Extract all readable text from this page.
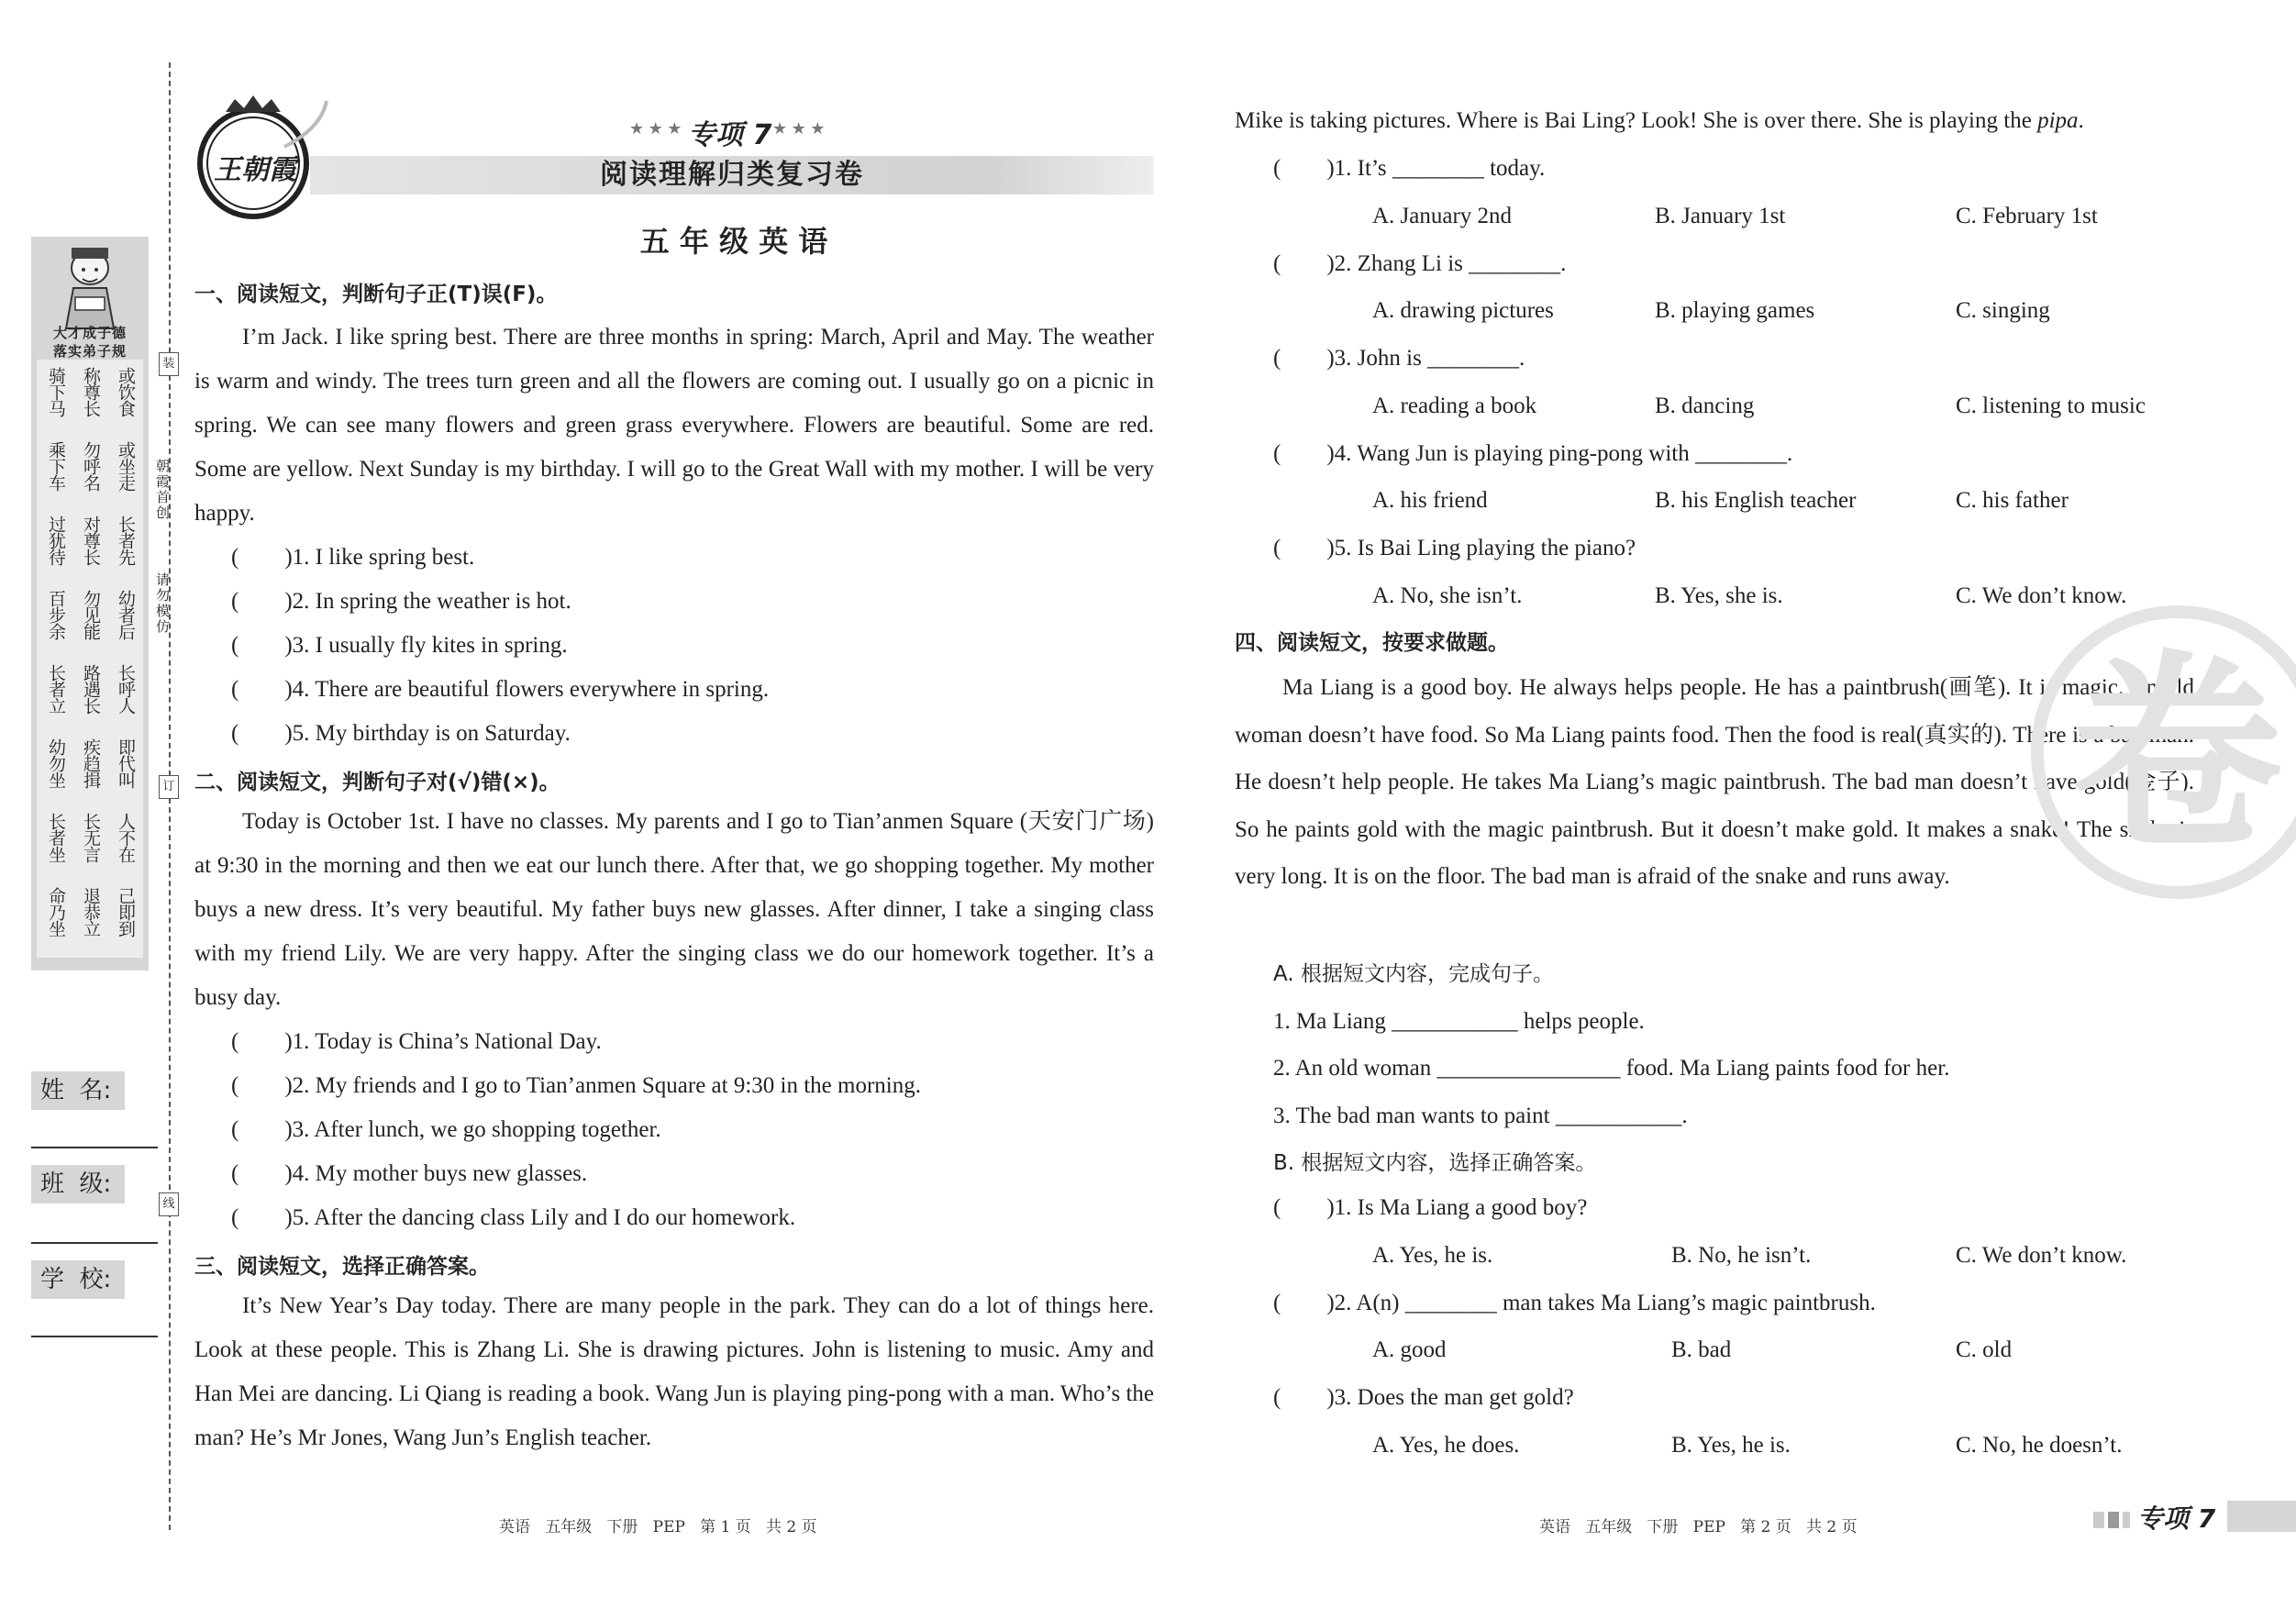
大才成子德
落实弟子规
骑下马 称尊长 或饮食
乘下车 勿呼名 或坐走
过犹待 对尊长 长者先
百步余 勿见能 幼者后
长者立 路遇长 长呼人
幼勿坐 疾趋揖 即代叫
长者坐 长无言 人不在
命乃坐 退恭立 己即到
朝霞首创
请勿模仿
装
订
线
姓  名:
班  级:
学  校:
王朝霞
★ ★ ★ 专项 7 ★ ★ ★
阅读理解归类复习卷
五 年 级 英 语
一、阅读短文，判断句子正(T)误(F)。
I’m Jack. I like spring best. There are three months in spring: March, April and May. The weather is warm and windy. The trees turn green and all the flowers are coming out. I usually go on a picnic in spring. We can see many flowers and green grass everywhere. Flowers are beautiful. Some are red. Some are yellow. Next Sunday is my birthday. I will go to the Great Wall with my mother. I will be very happy.
二、阅读短文，判断句子对(√)错(×)。
Today is October 1st. I have no classes. My parents and I go to Tian’anmen Square (天安门广场) at 9:30 in the morning and then we eat our lunch there. After that, we go shopping together. My mother buys a new dress. It’s very beautiful. My father buys new glasses. After dinner, I take a singing class with my friend Lily. We are very happy. After the singing class we do our homework together. It’s a busy day.
三、阅读短文，选择正确答案。
It’s New Year’s Day today. There are many people in the park. They can do a lot of things here. Look at these people. This is Zhang Li. She is drawing pictures. John is listening to music. Amy and Han Mei are dancing. Li Qiang is reading a book. Wang Jun is playing ping-pong with a man. Who’s the man? He’s Mr Jones, Wang Jun’s English teacher.
Mike is taking pictures. Where is Bai Ling? Look! She is over there. She is playing the pipa.
四、阅读短文，按要求做题。
Ma Liang is a good boy. He always helps people. He has a paintbrush(画笔). It is magic. An old woman doesn’t have food. So Ma Liang paints food. Then the food is real(真实的). There is a bad man. He doesn’t help people. He takes Ma Liang’s magic paintbrush. The bad man doesn’t have gold(金子). So he paints gold with the magic paintbrush. But it doesn’t make gold. It makes a snake! The snake is very long. It is on the floor. The bad man is afraid of the snake and runs away.
A. 根据短文内容，完成句子。
1. Ma Liang ___________ helps people.
2. An old woman ________________ food. Ma Liang paints food for her.
3. The bad man wants to paint ___________.
B. 根据短文内容，选择正确答案。
卷
英语   五年级   下册   PEP   第 1 页   共 2 页	英语   五年级   下册   PEP   第 2 页   共 2 页	专项 7
( )1. I like spring best.
( )2. In spring the weather is hot.
( )3. I usually fly kites in spring.
( )4. There are beautiful flowers everywhere in spring.
( )5. My birthday is on Saturday.
( )1. Today is China’s National Day.
( )2. My friends and I go to Tian’anmen Square at 9:30 in the morning.
( )3. After lunch, we go shopping together.
( )4. My mother buys new glasses.
( )5. After the dancing class Lily and I do our homework.
( )1. It’s ________ today.
A. January 2nd	B. January 1st	C. February 1st
( )2. Zhang Li is ________.
A. drawing pictures	B. playing games	C. singing
( )3. John is ________.
A. reading a book	B. dancing	C. listening to music
( )4. Wang Jun is playing ping-pong with ________.
A. his friend	B. his English teacher	C. his father
( )5. Is Bai Ling playing the piano?
A. No, she isn’t.	B. Yes, she is.	C. We don’t know.
( )1. Is Ma Liang a good boy?
A. Yes, he is.	B. No, he isn’t.	C. We don’t know.
( )2. A(n) ________ man takes Ma Liang’s magic paintbrush.
A. good	B. bad	C. old
( )3. Does the man get gold?
A. Yes, he does.	B. Yes, he is.	C. No, he doesn’t.
